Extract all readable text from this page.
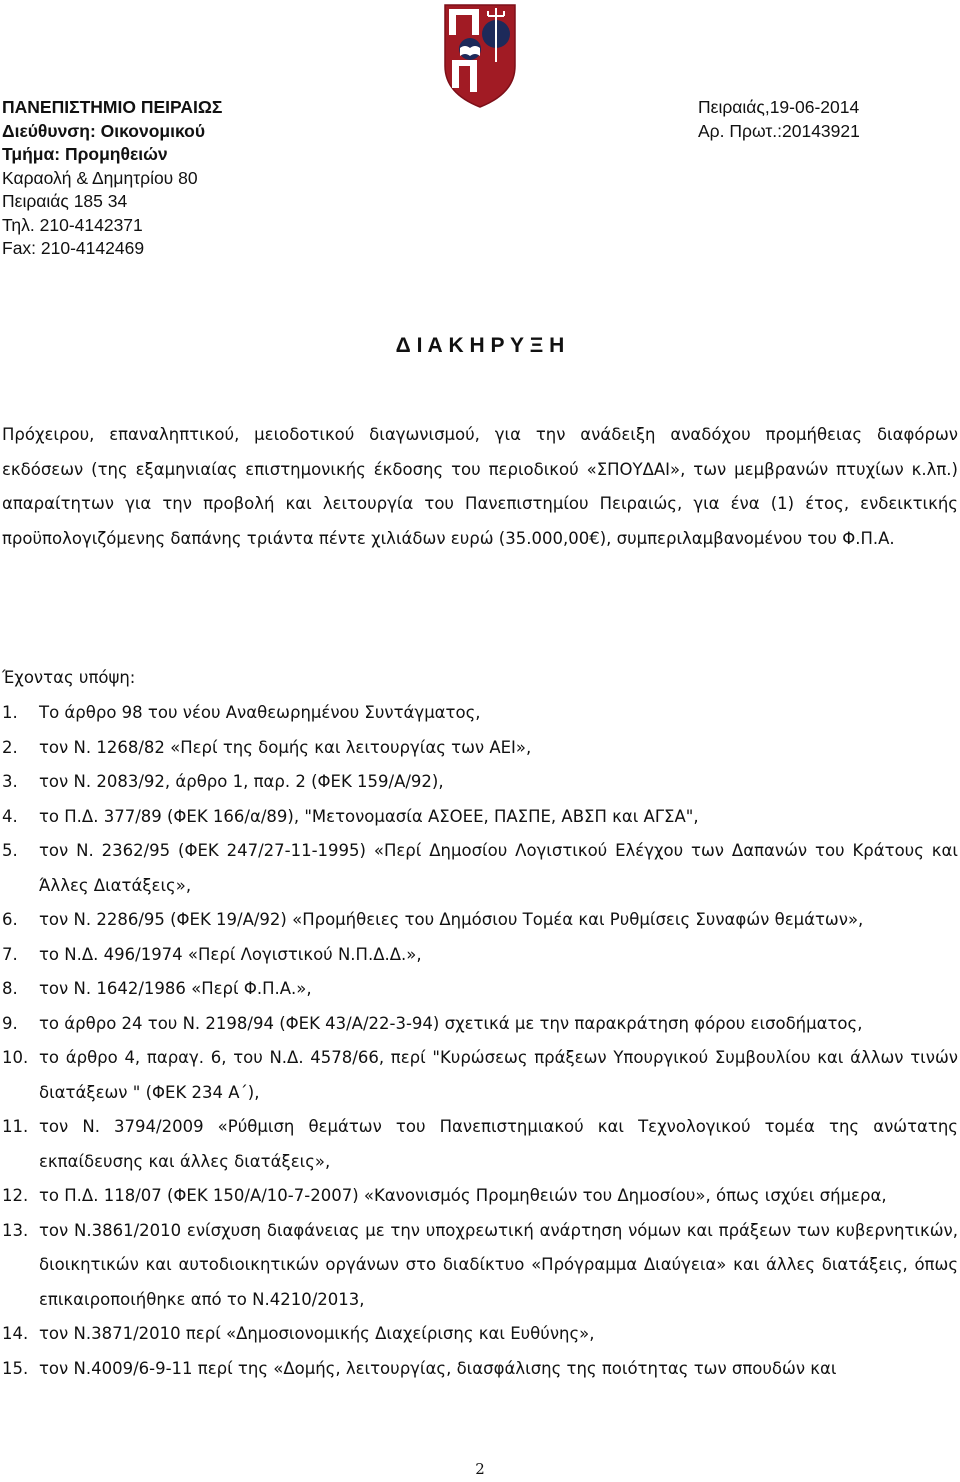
ΠΑΝΕΠΙΣΤΗΜΙΟ ΠΕΙΡΑΙΩΣ
Διεύθυνση: Οικονομικού
Τμήμα: Προμηθειών
Καραολή & Δημητρίου 80
Πειραιάς 185 34
Τηλ. 210-4142371
Fax: 210-4142469
Πειραιάς,19-06-2014
Αρ. Πρωτ.:20143921
Δ Ι Α Κ Η Ρ Υ Ξ Η
Πρόχειρου, επαναληπτικού, μειοδοτικού διαγωνισμού, για την ανάδειξη αναδόχου προμήθειας διαφόρων εκδόσεων (της εξαμηνιαίας επιστημονικής έκδοσης του περιοδικού «ΣΠΟΥΔΑΙ», των μεμβρανών πτυχίων κ.λπ.) απαραίτητων για την προβολή και λειτουργία του Πανεπιστημίου Πειραιώς, για ένα (1) έτος, ενδεικτικής προϋπολογιζόμενης δαπάνης τριάντα πέντε χιλιάδων ευρώ (35.000,00€), συμπεριλαμβανομένου του Φ.Π.Α.
Έχοντας υπόψη:
1.	Το άρθρο 98 του νέου Αναθεωρημένου Συντάγματος,
2.	τον Ν. 1268/82 «Περί της δομής και λειτουργίας των ΑΕΙ»,
3.	τον Ν. 2083/92, άρθρο 1, παρ. 2 (ΦΕΚ 159/Α/92),
4.	το Π.Δ. 377/89 (ΦΕΚ 166/α/89), "Μετονομασία ΑΣΟΕΕ, ΠΑΣΠΕ, ΑΒΣΠ και ΑΓΣΑ",
5.	τον Ν. 2362/95 (ΦΕΚ 247/27-11-1995) «Περί Δημοσίου Λογιστικού Ελέγχου των Δαπανών του Κράτους και Άλλες Διατάξεις»,
6.	τον Ν. 2286/95 (ΦΕΚ 19/Α/92) «Προμήθειες του Δημόσιου Τομέα και Ρυθμίσεις Συναφών θεμάτων»,
7.	το Ν.Δ. 496/1974 «Περί Λογιστικού Ν.Π.Δ.Δ.»,
8.	τον Ν. 1642/1986 «Περί Φ.Π.Α.»,
9.	το άρθρο 24 του Ν. 2198/94 (ΦΕΚ 43/Α/22-3-94) σχετικά με την παρακράτηση φόρου εισοδήματος,
10. το άρθρο 4, παραγ. 6, του Ν.Δ. 4578/66, περί "Κυρώσεως πράξεων Υπουργικού Συμβουλίου και άλλων τινών διατάξεων " (ΦΕΚ 234 Α΄),
11. τον Ν. 3794/2009 «Ρύθμιση θεμάτων του Πανεπιστημιακού και Τεχνολογικού τομέα της ανώτατης εκπαίδευσης και άλλες διατάξεις»,
12. το Π.Δ. 118/07 (ΦΕΚ 150/Α/10-7-2007) «Κανονισμός Προμηθειών του Δημοσίου», όπως ισχύει σήμερα,
13. τον Ν.3861/2010 ενίσχυση διαφάνειας με την υποχρεωτική ανάρτηση νόμων και πράξεων των κυβερνητικών, διοικητικών και αυτοδιοικητικών οργάνων στο διαδίκτυο «Πρόγραμμα Διαύγεια» και άλλες διατάξεις, όπως επικαιροποιήθηκε από το Ν.4210/2013,
14. τον Ν.3871/2010 περί «Δημοσιονομικής Διαχείρισης και Ευθύνης»,
15. τον Ν.4009/6-9-11 περί της «Δομής, λειτουργίας, διασφάλισης της ποιότητας των σπουδών και
2
